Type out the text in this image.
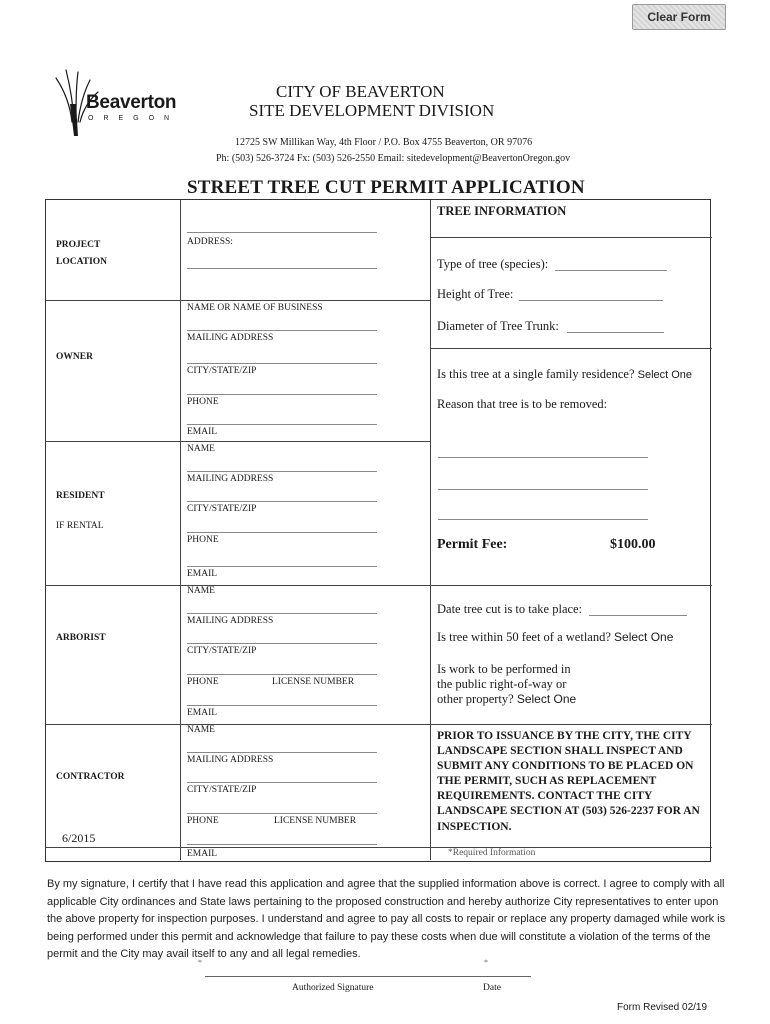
Clear Form
Beaverton
OREGON
CITY OF BEAVERTON
SITE DEVELOPMENT DIVISION
12725 SW Millikan Way, 4th Floor / P.O. Box 4755 Beaverton, OR 97076
Ph: (503) 526-3724 Fx: (503) 526-2550 Email: sitedevelopment@BeavertonOregon.gov
STREET TREE CUT PERMIT APPLICATION
PROJECT
LOCATION
ADDRESS:
OWNER
NAME OR NAME OF BUSINESS
MAILING ADDRESS
CITY/STATE/ZIP
PHONE
EMAIL
RESIDENT
IF RENTAL
NAME
MAILING ADDRESS
CITY/STATE/ZIP
PHONE
EMAIL
ARBORIST
NAME
MAILING ADDRESS
CITY/STATE/ZIP
PHONE	LICENSE NUMBER
EMAIL
CONTRACTOR
NAME
MAILING ADDRESS
CITY/STATE/ZIP
PHONE	LICENSE NUMBER
EMAIL
TREE INFORMATION
Type of tree (species):
Height of Tree:
Diameter of Tree Trunk:
Is this tree at a single family residence? Select One
Reason that tree is to be removed:
Permit Fee:	$100.00
Date tree cut is to take place:
Is tree within 50 feet of a wetland? Select One
Is work to be performed in
the public right-of-way or
other property? Select One
PRIOR TO ISSUANCE BY THE CITY, THE CITY LANDSCAPE SECTION SHALL INSPECT AND SUBMIT ANY CONDITIONS TO BE PLACED ON THE PERMIT, SUCH AS REPLACEMENT REQUIREMENTS. CONTACT THE CITY LANDSCAPE SECTION AT (503) 526-2237 FOR AN INSPECTION.
*Required Information
6/2015
By my signature, I certify that I have read this application and agree that the supplied information above is correct. I agree to comply with all applicable City ordinances and State laws pertaining to the proposed construction and hereby authorize City representatives to enter upon the above property for inspection purposes. I understand and agree to pay all costs to repair or replace any property damaged while work is being performed under this permit and acknowledge that failure to pay these costs when due will constitute a violation of the terms of the permit and the City may avail itself to any and all legal remedies.
*	*
Authorized Signature	Date
Form Revised 02/19
